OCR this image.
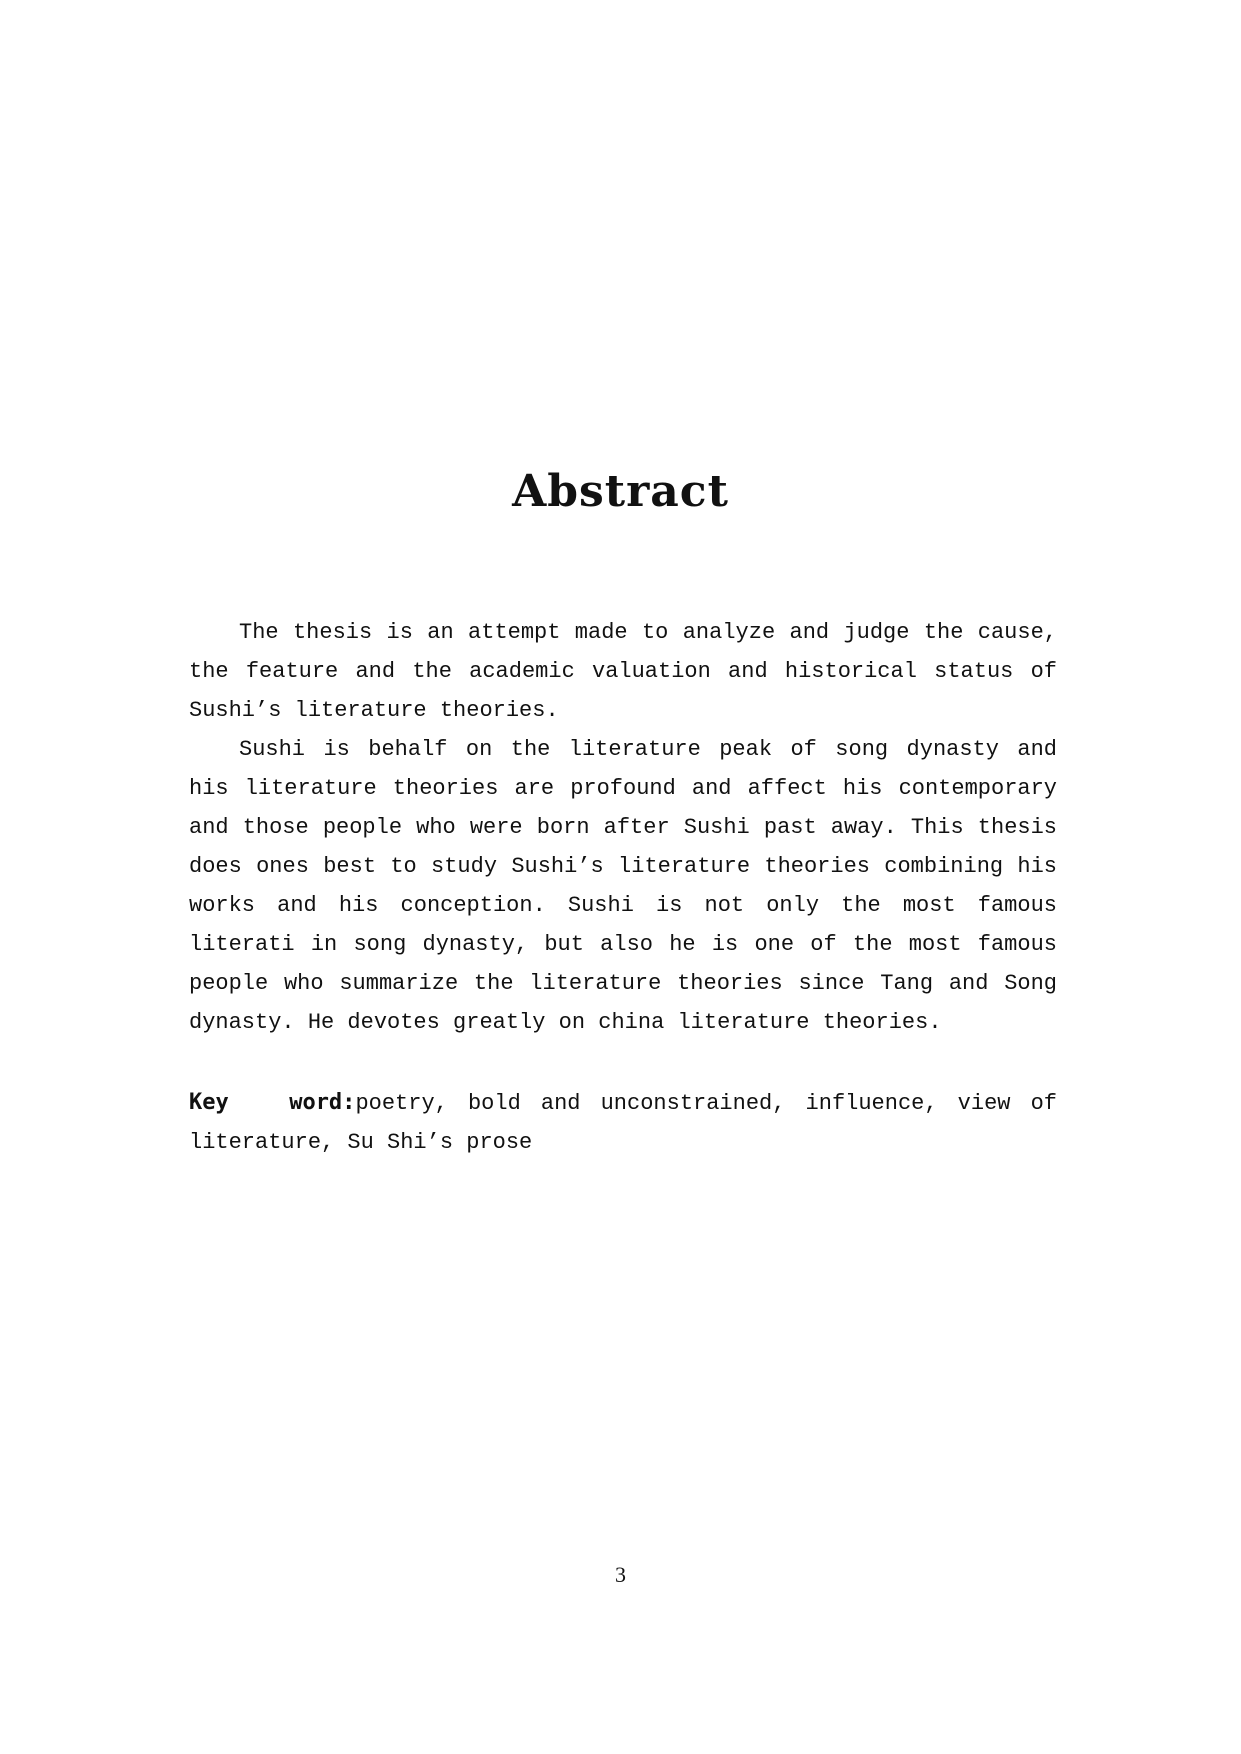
Abstract

The thesis is an attempt made to analyze and judge the cause, the feature and the academic valuation and historical status of Sushi’s literature theories.

Sushi is behalf on the literature peak of song dynasty and his literature theories are profound and affect his contemporary and those people who were born after Sushi past away. This thesis does ones best to study Sushi’s literature theories combining his works and his conception. Sushi is not only the most famous literati in song dynasty, but also he is one of the most famous people who summarize the literature theories since Tang and Song dynasty. He devotes greatly on china literature theories.

Key   word:poetry, bold and unconstrained, influence, view of literature, Su Shi’s prose
3
